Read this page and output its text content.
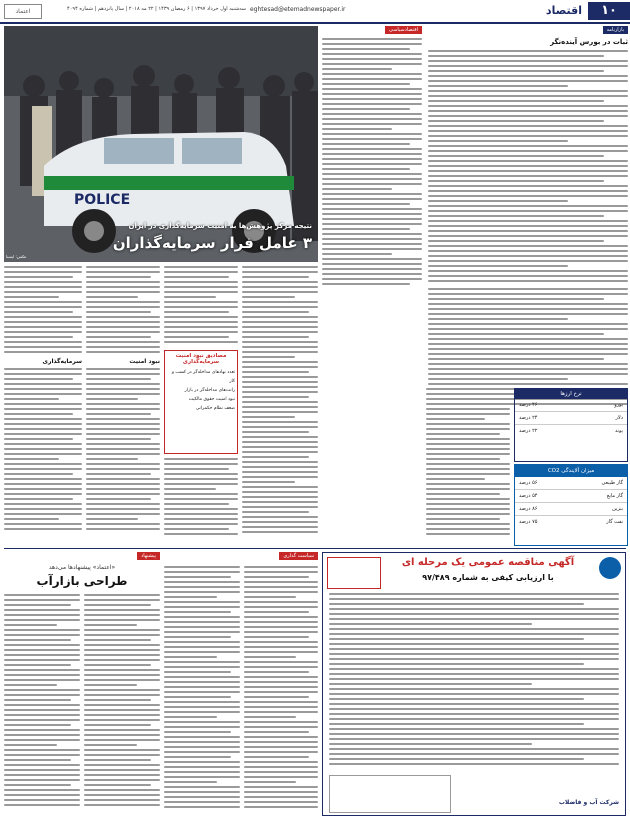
۱۰
اقتصاد
eghtesad@etemadnewspaper.ir
سه‌شنبه اول خرداد ۱۳۹۷ | ۶ رمضان ۱۴۳۹ | ۲۲ مه ۲۰۱۸ | سال پانزدهم | شماره ۴۰۹۴
اعتماد
بازارنامه
ثبات در بورس آینده‌نگر
اقتصاد‌سیاسی
POLICE
عکس: ایسنا
نتیجه مرکز پژوهش‌ها به امنیت سرمایه‌گذاری در ایران
۳ عامل فرار سرمایه‌گذاران
مصادیق نبود امنیت سرمایه‌گذاری
تعدد نهادهای مداخله‌گر در کسب و کار
رانت‌های مداخله‌گر در بازار
نبود امنیت حقوق مالکیت
ضعف نظام حکمرانی
نبود امنیت
سرمایه‌گذاری
نرخ ارزها
یورو
۴۶ درصد
دلار
۲۴ درصد
پوند
۲۲ درصد
میزان آلایندگی CO2
گاز طبیعی
۵۶ درصد
گاز مایع
۵۴ درصد
بنزین
۸۶ درصد
نفت گاز
۷۵ درصد
پیشنهاد
«اعتماد» پیشنهادها می‌دهد
طراحی بازارآب
سیاست گذاری
آگهی مناقصه عمومی یک مرحله ای
با ارزیابی کیفی به شماره ۹۷/۴۸۹
شرکت آب و فاضلاب
